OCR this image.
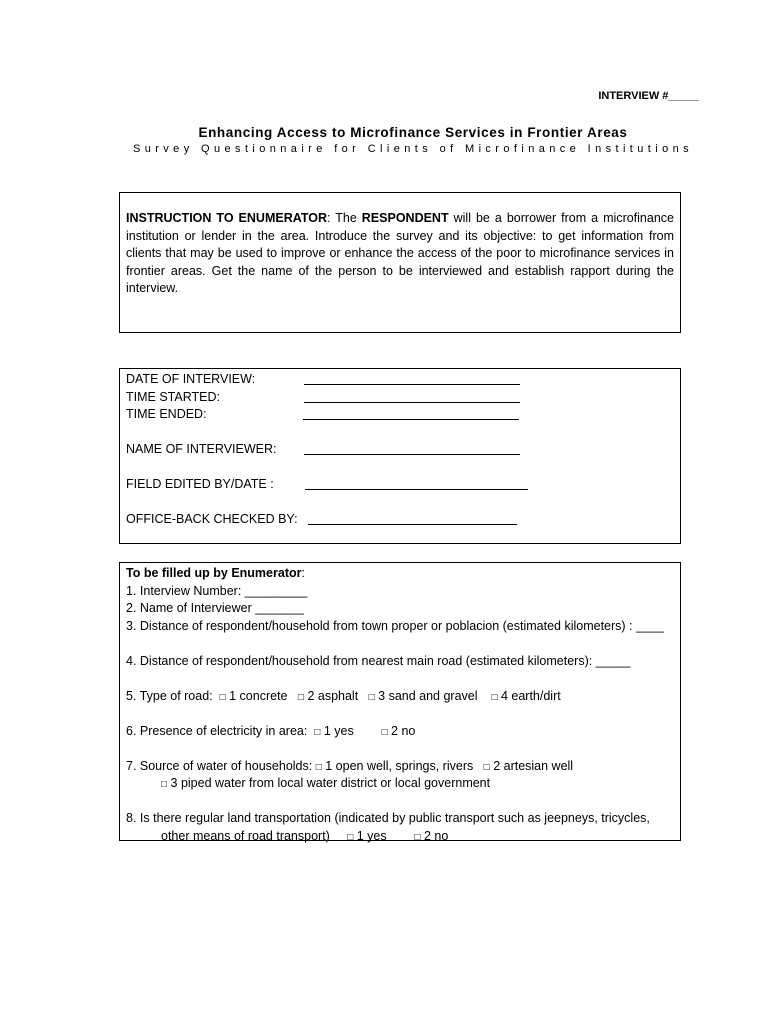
INTERVIEW #_____
Enhancing Access to Microfinance Services in Frontier Areas
Survey Questionnaire for Clients of Microfinance Institutions

INSTRUCTION TO ENUMERATOR: The RESPONDENT will be a borrower from a microfinance institution or lender in the area. Introduce the survey and its objective: to get information from clients that may be used to improve or enhance the access of the poor to microfinance services in frontier areas. Get the name of the person to be interviewed and establish rapport during the interview.

DATE OF INTERVIEW:
TIME STARTED:
TIME ENDED:
NAME OF INTERVIEWER:
FIELD EDITED BY/DATE :
OFFICE-BACK CHECKED BY:
To be filled up by Enumerator:
1. Interview Number: _________
2. Name of Interviewer _______
3. Distance of respondent/household from town proper or poblacion (estimated kilometers) : ____
4. Distance of respondent/household from nearest main road (estimated kilometers): _____
5. Type of road: □ 1 concrete □ 2 asphalt □ 3 sand and gravel □ 4 earth/dirt
6. Presence of electricity in area: □ 1 yes	□ 2 no
7. Source of water of households: □ 1 open well, springs, rivers □ 2 artesian well
□ 3 piped water from local water district or local government
8. Is there regular land transportation (indicated by public transport such as jeepneys, tricycles,
other means of road transport) □ 1 yes	□ 2 no
